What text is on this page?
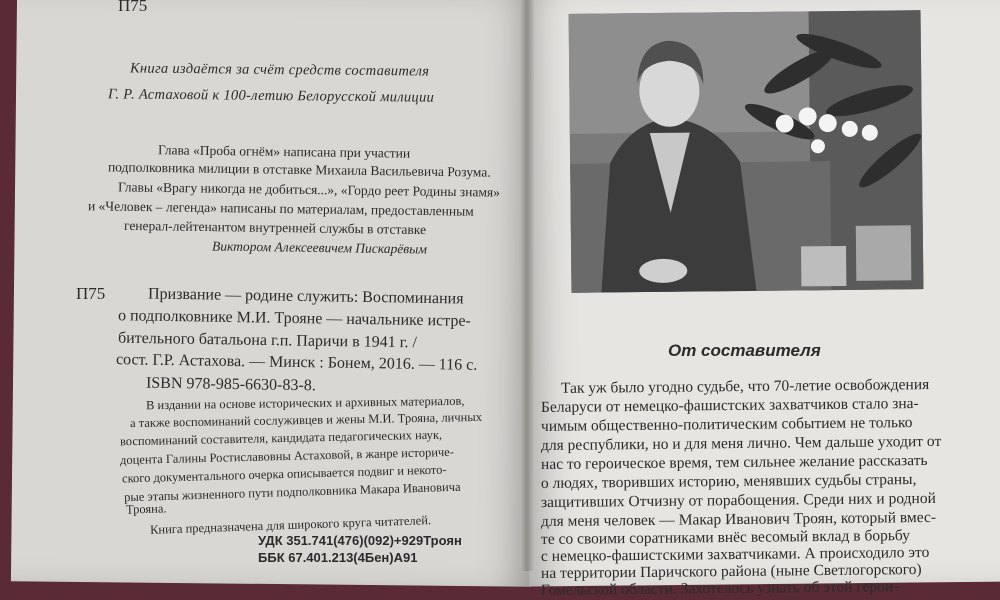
П75
Книга издаётся за счёт средств составителя
Г. Р. Астаховой к 100-летию Белорусской милиции
Глава «Проба огнём» написана при участии
подполковника милиции в отставке Михаила Васильевича Розума.
Главы «Врагу никогда не добиться...», «Гордо реет Родины знамя»
и «Человек – легенда» написаны по материалам, предоставленным
генерал-лейтенантом внутренней службы в отставке
Виктором Алексеевичем Пискарёвым
П75	Призвание — родине служить: Воспоминания
о подполковнике М.И. Трояне — начальнике истре-
бительного батальона г.п. Паричи в 1941 г. /
сост. Г.Р. Астахова. — Минск : Бонем, 2016. — 116 с.
ISBN 978-985-6630-83-8.
В издании на основе исторических и архивных материалов,
а также воспоминаний сослуживцев и жены М.И. Трояна, личных
воспоминаний составителя, кандидата педагогических наук,
доцента Галины Ростиславовны Астаховой, в жанре историче-
ского документального очерка описывается подвиг и некото-
рые этапы жизненного пути подполковника Макара Ивановича
Трояна.
Книга предназначена для широкого круга читателей.
УДК 351.741(476)(092)+929Троян
ББК 67.401.213(4Бен)А91
От составителя
Так уж было угодно судьбе, что 70-летие освобождения
Беларуси от немецко-фашистских захватчиков стало зна-
чимым общественно-политическим событием не только
для республики, но и для меня лично. Чем дальше уходит от
нас то героическое время, тем сильнее желание рассказать
о людях, творивших историю, менявших судьбы страны,
защитивших Отчизну от порабощения. Среди них и родной
для меня человек — Макар Иванович Троян, который вмес-
те со своими соратниками внёс весомый вклад в борьбу
с немецко-фашистскими захватчиками. А происходило это
на территории Паричского района (ныне Светлогорского)
Гомельской области. Захотелось узнать об этой герои-
